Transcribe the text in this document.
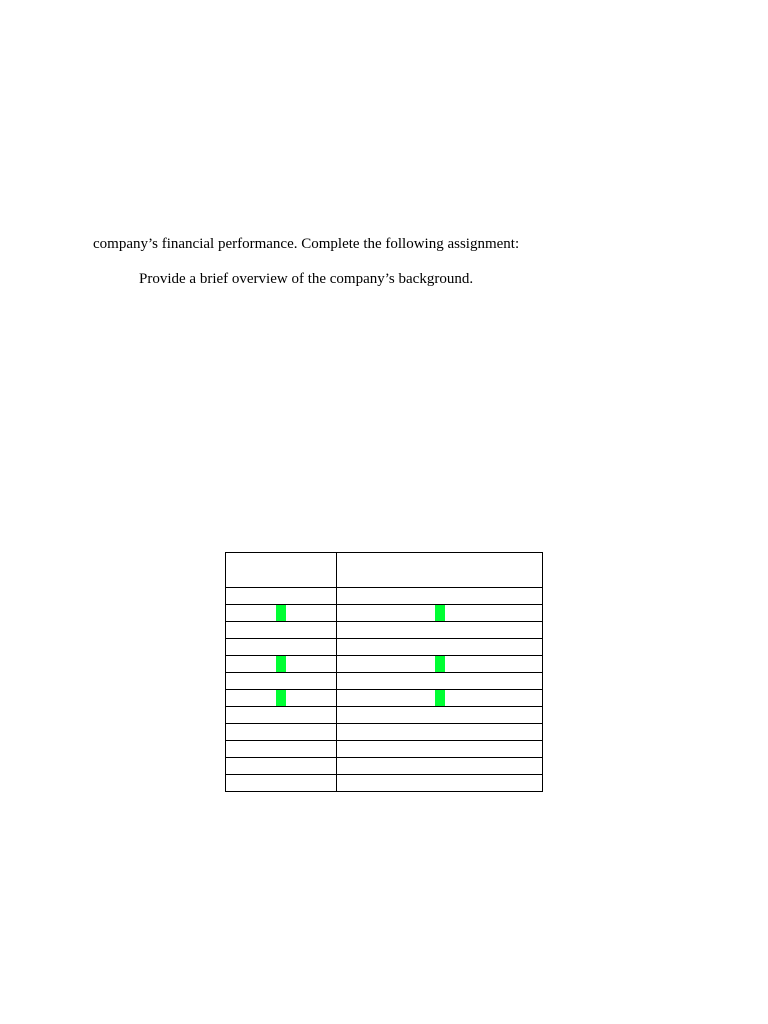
company’s financial performance. Complete the following assignment:

Provide a brief overview of the company’s background.
